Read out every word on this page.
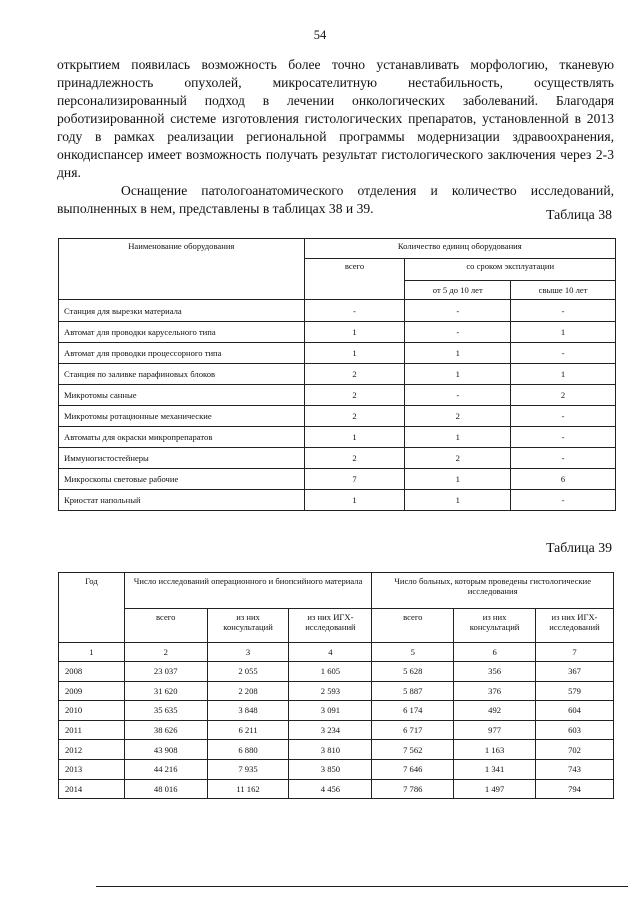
54

открытием появилась возможность более точно устанавливать морфологию, тканевую принадлежность опухолей, микросателитную нестабильность, осуществлять персонализированный подход в лечении онкологических заболеваний. Благодаря роботизированной системе изготовления гистологических препаратов, установленной в 2013 году в рамках реализации региональной программы модернизации здравоохранения, онкодиспансер имеет возможность получать результат гистологического заключения через 2-3 дня.

Оснащение патологоанатомического отделения и количество исследований, выполненных в нем, представлены в таблицах 38 и 39.	Таблица 38
Наименование оборудования	Количество единиц оборудования		
	всего	со сроком эксплуатации	
		от 5 до 10 лет	свыше 10 лет
Станция для вырезки материала	-	-	-
Автомат для проводки карусельного типа	1	-	1
Автомат для проводки процессорного типа	1	1	-
Станция по заливке парафиновых блоков	2	1	1
Микротомы санные	2	-	2
Микротомы ротационные механические	2	2	-
Автоматы для окраски микропрепаратов	1	1	-
Иммуногистостейнеры	2	2	-
Микроскопы световые рабочие	7	1	6
Криостат напольный	1	1	-
Таблица 39
Год	Число исследований операционного и биопсийного материала			Число больных, которым проведены гистологические исследования		
	всего	из них консультаций	из них ИГХ-исследований	всего	из них консультаций	из них ИГХ-исследований
1	2	3	4	5	6	7
2008	23 037	2 055	1 605	5 628	356	367
2009	31 620	2 208	2 593	5 887	376	579
2010	35 635	3 848	3 091	6 174	492	604
2011	38 626	6 211	3 234	6 717	977	603
2012	43 908	6 880	3 810	7 562	1 163	702
2013	44 216	7 935	3 850	7 646	1 341	743
2014	48 016	11 162	4 456	7 786	1 497	794
